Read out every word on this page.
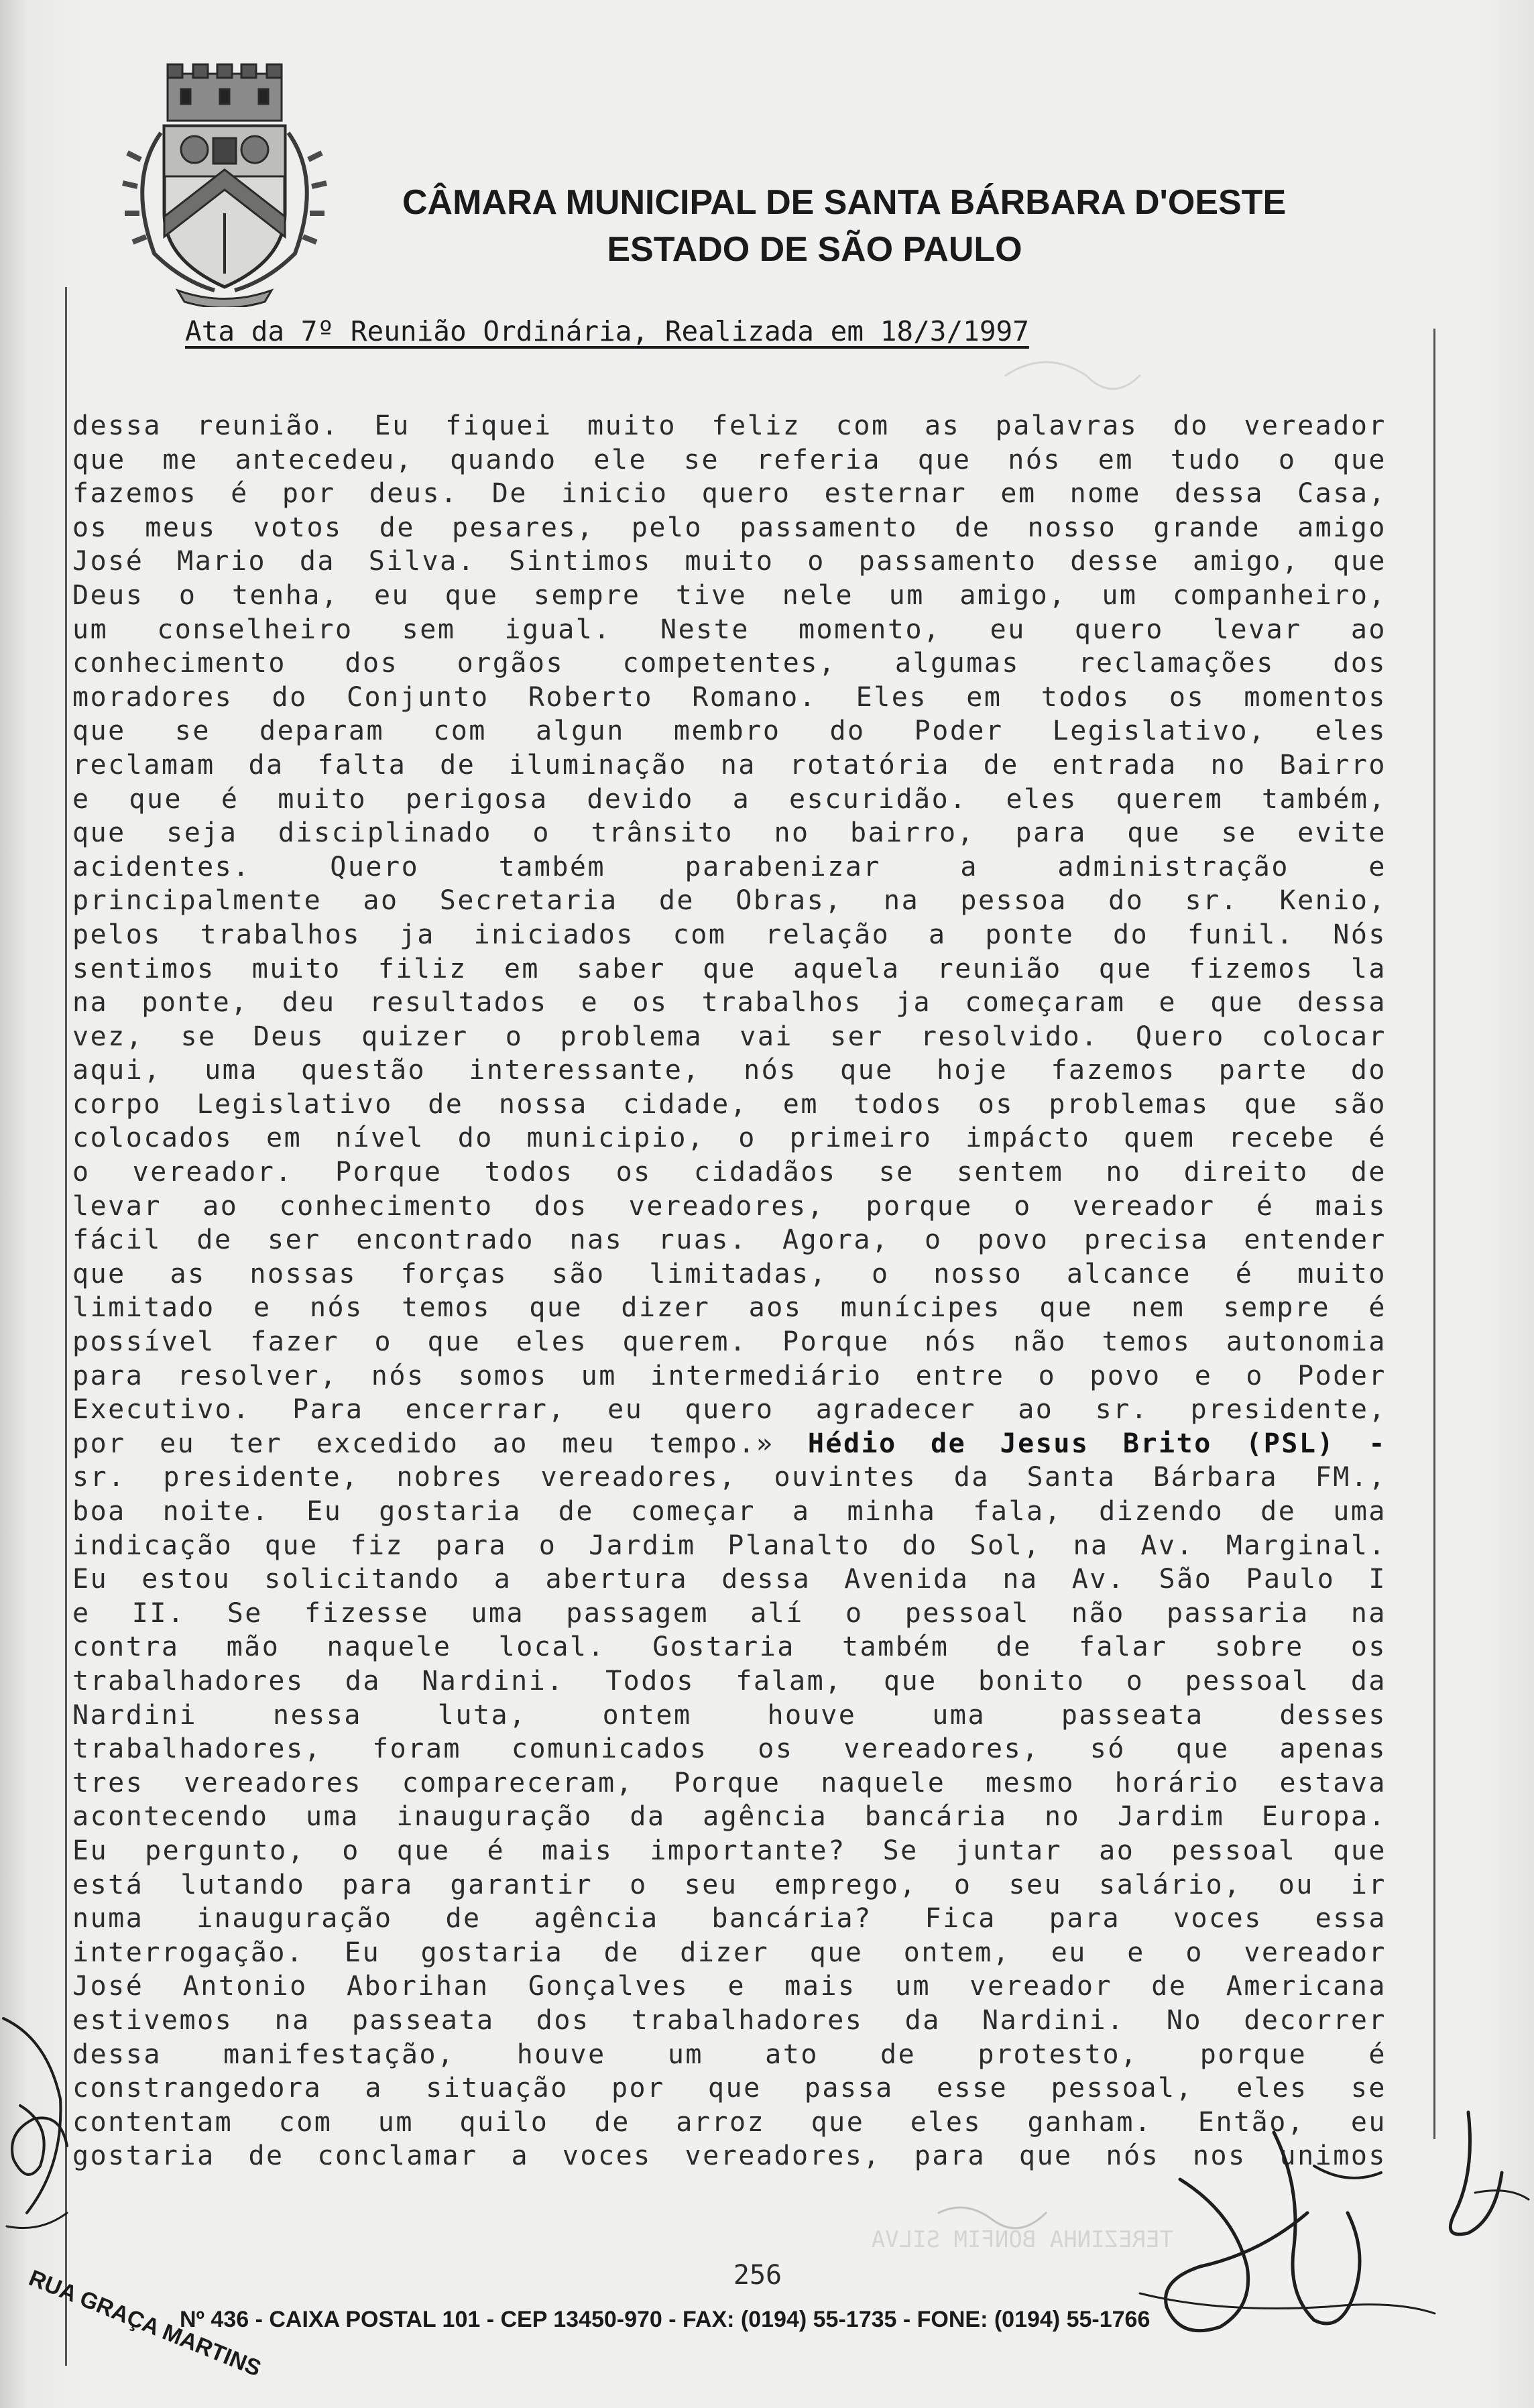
CÂMARA MUNICIPAL DE SANTA BÁRBARA D'OESTE
ESTADO DE SÃO PAULO
Ata da 7º Reunião Ordinária, Realizada em 18/3/1997
dessa reunião. Eu fiquei muito feliz com as palavras do vereador
que me antecedeu, quando ele se referia que nós em tudo o que
fazemos é por deus. De inicio quero esternar em nome dessa Casa,
os meus votos de pesares, pelo passamento de nosso grande amigo
José Mario da Silva. Sintimos muito o passamento desse amigo, que
Deus o tenha, eu que sempre tive nele um amigo, um companheiro,
um conselheiro sem igual. Neste momento, eu quero levar ao
conhecimento dos orgãos competentes, algumas reclamações dos
moradores do Conjunto Roberto Romano. Eles em todos os momentos
que se deparam com algun membro do Poder Legislativo, eles
reclamam da falta de iluminação na rotatória de entrada no Bairro
e que é muito perigosa devido a escuridão. eles querem também,
que seja disciplinado o trânsito no bairro, para que se evite
acidentes. Quero também parabenizar a administração e
principalmente ao Secretaria de Obras, na pessoa do sr. Kenio,
pelos trabalhos ja iniciados com relação a ponte do funil. Nós
sentimos muito filiz em saber que aquela reunião que fizemos la
na ponte, deu resultados e os trabalhos ja começaram e que dessa
vez, se Deus quizer o problema vai ser resolvido. Quero colocar
aqui, uma questão interessante, nós que hoje fazemos parte do
corpo Legislativo de nossa cidade, em todos os problemas que são
colocados em nível do municipio, o primeiro impácto quem recebe é
o vereador. Porque todos os cidadãos se sentem no direito de
levar ao conhecimento dos vereadores, porque o vereador é mais
fácil de ser encontrado nas ruas. Agora, o povo precisa entender
que as nossas forças são limitadas, o nosso alcance é muito
limitado e nós temos que dizer aos munícipes que nem sempre é
possível fazer o que eles querem. Porque nós não temos autonomia
para resolver, nós somos um intermediário entre o povo e o Poder
Executivo. Para encerrar, eu quero agradecer ao sr. presidente,
por eu ter excedido ao meu tempo.» Hédio de Jesus Brito (PSL) -
sr. presidente, nobres vereadores, ouvintes da Santa Bárbara FM.,
boa noite. Eu gostaria de começar a minha fala, dizendo de uma
indicação que fiz para o Jardim Planalto do Sol, na Av. Marginal.
Eu estou solicitando a abertura dessa Avenida na Av. São Paulo I
e II. Se fizesse uma passagem alí o pessoal não passaria na
contra mão naquele local. Gostaria também de falar sobre os
trabalhadores da Nardini. Todos falam, que bonito o pessoal da
Nardini nessa luta, ontem houve uma passeata desses
trabalhadores, foram comunicados os vereadores, só que apenas
tres vereadores compareceram, Porque naquele mesmo horário estava
acontecendo uma inauguração da agência bancária no Jardim Europa.
Eu pergunto, o que é mais importante? Se juntar ao pessoal que
está lutando para garantir o seu emprego, o seu salário, ou ir
numa inauguração de agência bancária? Fica para voces essa
interrogação. Eu gostaria de dizer que ontem, eu e o vereador
José Antonio Aborihan Gonçalves e mais um vereador de Americana
estivemos na passeata dos trabalhadores da Nardini. No decorrer
dessa manifestação, houve um ato de protesto, porque é
constrangedora a situação por que passa esse pessoal, eles se
contentam com um quilo de arroz que eles ganham. Então, eu
gostaria de conclamar a voces vereadores, para que nós nos unimos
TEREZINHA BONFIM SILVA
256
RUA GRAÇA MARTINS
Nº 436 - CAIXA POSTAL 101 - CEP 13450-970 - FAX: (0194) 55-1735 - FONE: (0194) 55-1766
